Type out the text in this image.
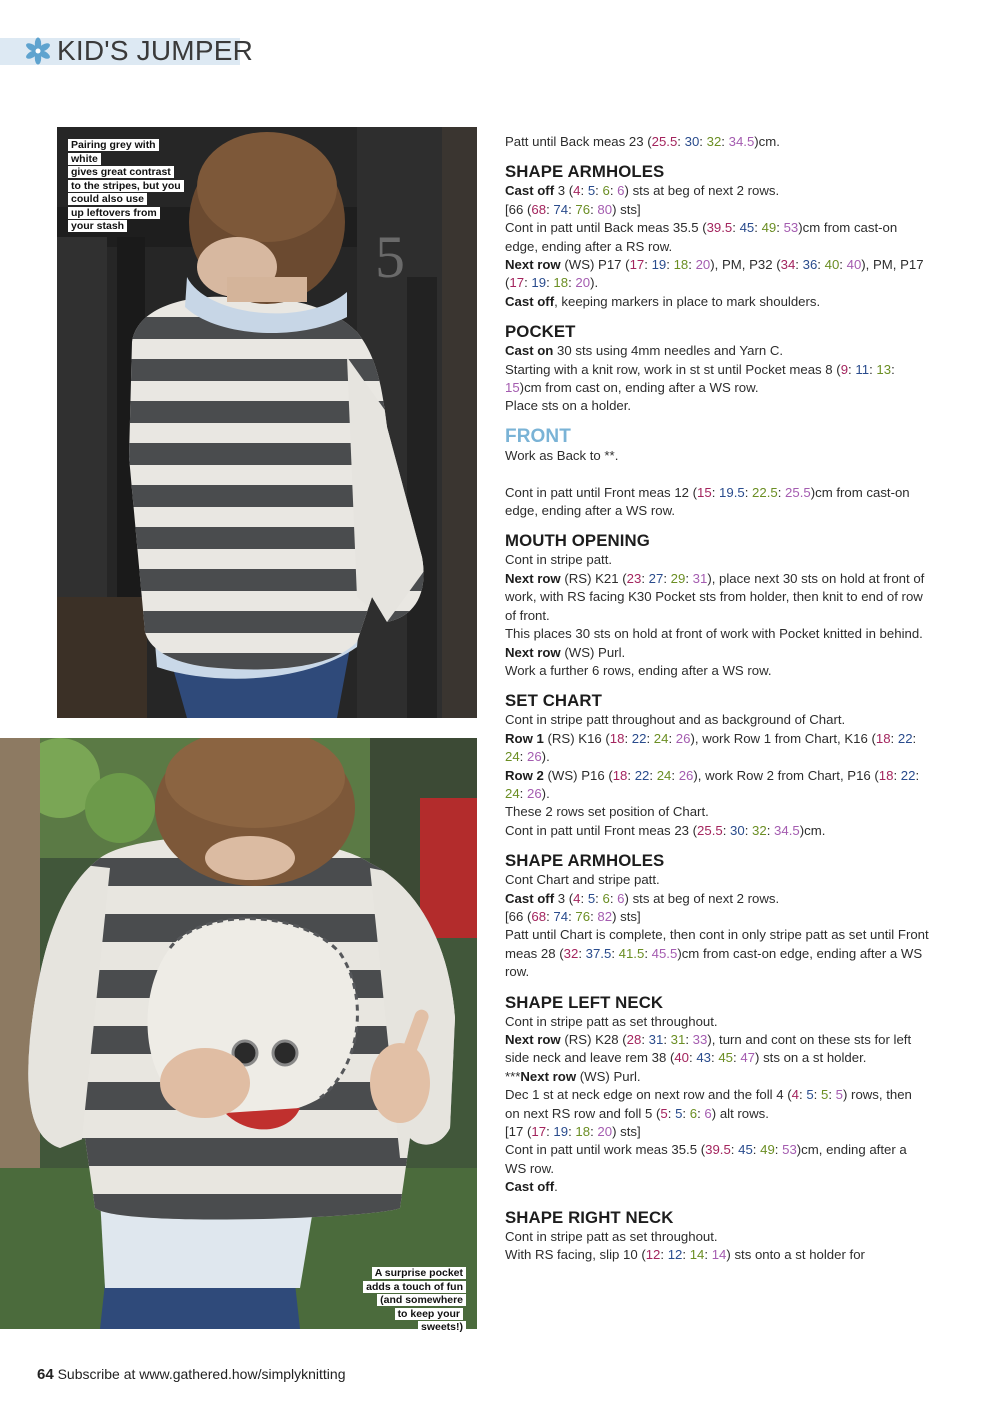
KID'S JUMPER
5
Pairing grey with white
gives great contrast
to the stripes, but you
could also use
up leftovers from
your stash
A surprise pocket
adds a touch of fun
(and somewhere
to keep your sweets!)

Patt until Back meas 23 (25.5: 30: 32: 34.5)cm.

SHAPE ARMHOLES

Cast off 3 (4: 5: 6: 6) sts at beg of next 2 rows.

[66 (68: 74: 76: 80) sts]

Cont in patt until Back meas 35.5 (39.5: 45: 49: 53)cm from cast-on edge, ending after a RS row.

Next row (WS) P17 (17: 19: 18: 20), PM, P32 (34: 36: 40: 40), PM, P17 (17: 19: 18: 20).

Cast off, keeping markers in place to mark shoulders.

POCKET

Cast on 30 sts using 4mm needles and Yarn C.

Starting with a knit row, work in st st until Pocket meas 8 (9: 11: 13: 15)cm from cast on, ending after a WS row.

Place sts on a holder.

FRONT

Work as Back to **.

Cont in patt until Front meas 12 (15: 19.5: 22.5: 25.5)cm from cast-on edge, ending after a WS row.

MOUTH OPENING

Cont in stripe patt.

Next row (RS) K21 (23: 27: 29: 31), place next 30 sts on hold at front of work, with RS facing K30 Pocket sts from holder, then knit to end of row of front.

This places 30 sts on hold at front of work with Pocket knitted in behind.

Next row (WS) Purl.

Work a further 6 rows, ending after a WS row.

SET CHART

Cont in stripe patt throughout and as background of Chart.

Row 1 (RS) K16 (18: 22: 24: 26), work Row 1 from Chart, K16 (18: 22: 24: 26).

Row 2 (WS) P16 (18: 22: 24: 26), work Row 2 from Chart, P16 (18: 22: 24: 26).

These 2 rows set position of Chart.

Cont in patt until Front meas 23 (25.5: 30: 32: 34.5)cm.

SHAPE ARMHOLES

Cont Chart and stripe patt.

Cast off 3 (4: 5: 6: 6) sts at beg of next 2 rows.

[66 (68: 74: 76: 82) sts]

Patt until Chart is complete, then cont in only stripe patt as set until Front meas 28 (32: 37.5: 41.5: 45.5)cm from cast-on edge, ending after a WS row.

SHAPE LEFT NECK

Cont in stripe patt as set throughout.

Next row (RS) K28 (28: 31: 31: 33), turn and cont on these sts for left side neck and leave rem 38 (40: 43: 45: 47) sts on a st holder.

***Next row (WS) Purl.

Dec 1 st at neck edge on next row and the foll 4 (4: 5: 5: 5) rows, then on next RS row and foll 5 (5: 5: 6: 6) alt rows.

[17 (17: 19: 18: 20) sts]

Cont in patt until work meas 35.5 (39.5: 45: 49: 53)cm, ending after a WS row.

Cast off.

SHAPE RIGHT NECK

Cont in stripe patt as set throughout.

With RS facing, slip 10 (12: 12: 14: 14) sts onto a st holder for

64 Subscribe at www.gathered.how/simplyknitting
